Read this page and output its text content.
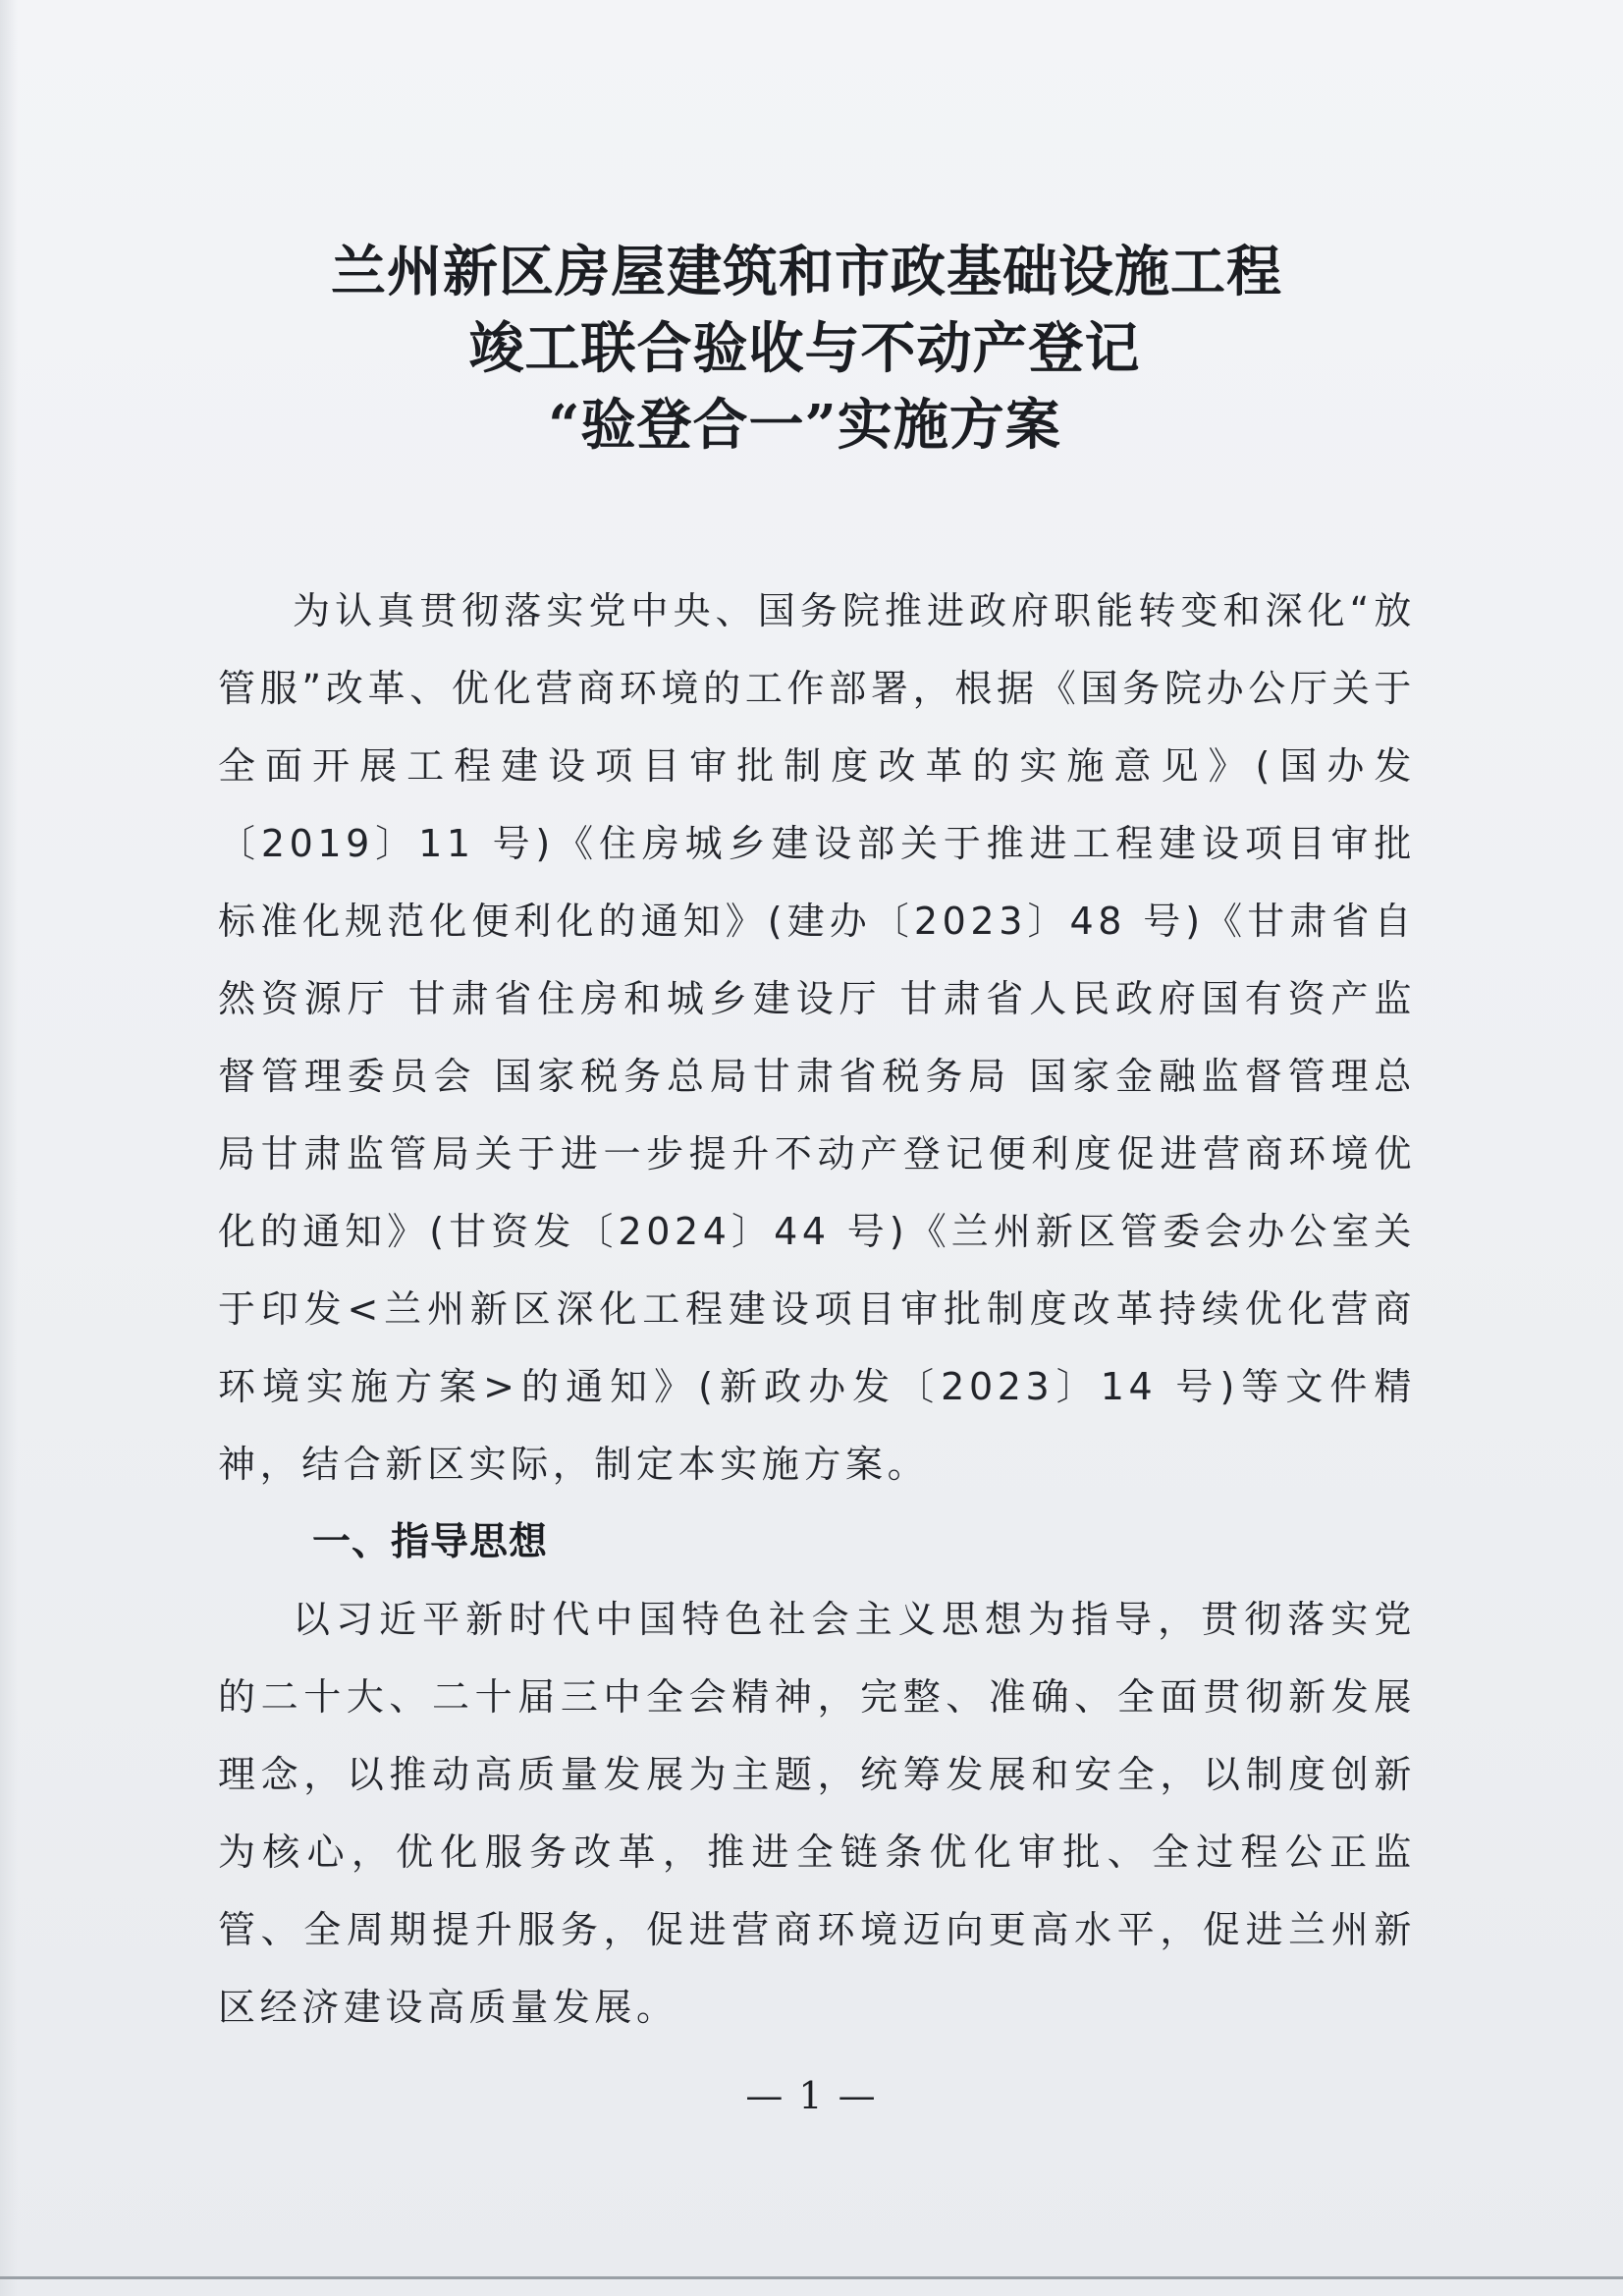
兰州新区房屋建筑和市政基础设施工程
竣工联合验收与不动产登记
“验登合一”实施方案

为认真贯彻落实党中央、国务院推进政府职能转变和深化“放管服”改革、优化营商环境的工作部署，根据《国务院办公厅关于全面开展工程建设项目审批制度改革的实施意见》(国办发〔2019〕11 号)《住房城乡建设部关于推进工程建设项目审批标准化规范化便利化的通知》(建办〔2023〕48 号)《甘肃省自然资源厅 甘肃省住房和城乡建设厅 甘肃省人民政府国有资产监督管理委员会 国家税务总局甘肃省税务局 国家金融监督管理总局甘肃监管局关于进一步提升不动产登记便利度促进营商环境优化的通知》(甘资发〔2024〕44 号)《兰州新区管委会办公室关于印发<兰州新区深化工程建设项目审批制度改革持续优化营商环境实施方案>的通知》(新政办发〔2023〕14 号)等文件精神，结合新区实际，制定本实施方案。

一、指导思想

以习近平新时代中国特色社会主义思想为指导，贯彻落实党的二十大、二十届三中全会精神，完整、准确、全面贯彻新发展理念，以推动高质量发展为主题，统筹发展和安全，以制度创新为核心，优化服务改革，推进全链条优化审批、全过程公正监管、全周期提升服务，促进营商环境迈向更高水平，促进兰州新区经济建设高质量发展。

— 1 —
